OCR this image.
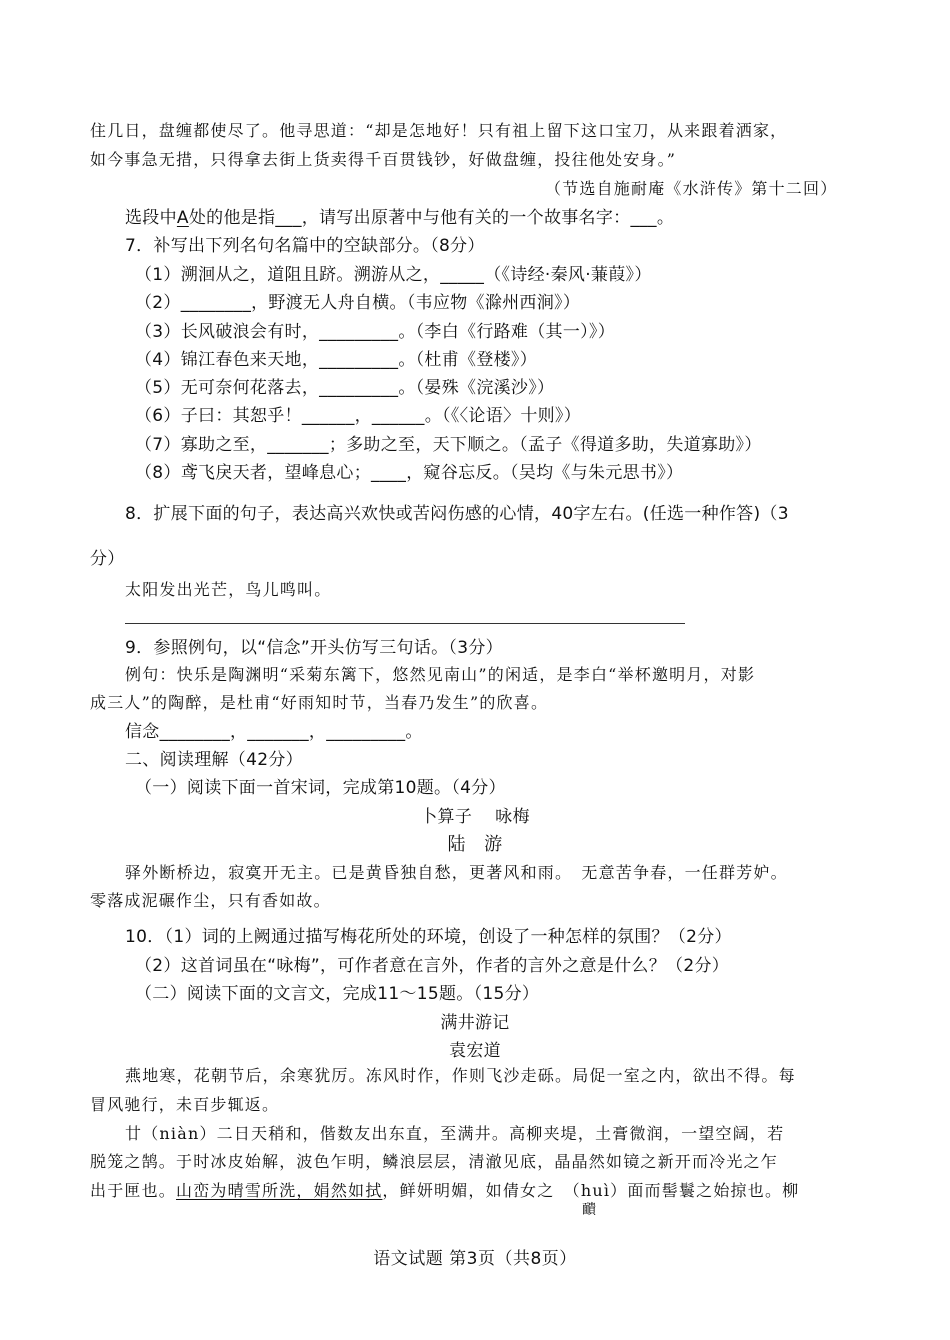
住几日，盘缠都使尽了。他寻思道：“却是怎地好！只有祖上留下这口宝刀，从来跟着洒家，
如今事急无措，只得拿去街上货卖得千百贯钱钞，好做盘缠，投往他处安身。”
（节选自施耐庵《水浒传》第十二回）
选段中A处的他是指___，请写出原著中与他有关的一个故事名字：___。
7．补写出下列名句名篇中的空缺部分。（8分）
（1）溯洄从之，道阻且跻。溯游从之，_____（《诗经·秦风·蒹葭》）
（2）________，野渡无人舟自横。（韦应物《滁州西涧》）
（3）长风破浪会有时，_________。（李白《行路难（其一）》）
（4）锦江春色来天地，_________。（杜甫《登楼》）
（5）无可奈何花落去，_________。（晏殊《浣溪沙》）
（6）子曰：其恕乎！______，______。（《〈论语〉十则》）
（7）寡助之至，_______；多助之至，天下顺之。（孟子《得道多助，失道寡助》）
（8）鸢飞戾天者，望峰息心；____，窥谷忘反。（吴均《与朱元思书》）
8．扩展下面的句子，表达高兴欢快或苦闷伤感的心情，40字左右。(任选一种作答)（3
分）
太阳发出光芒，鸟儿鸣叫。
9．参照例句，以“信念”开头仿写三句话。（3分）
例句：快乐是陶渊明“采菊东篱下，悠然见南山”的闲适，是李白“举杯邀明月，对影
成三人”的陶醉，是杜甫“好雨知时节，当春乃发生”的欣喜。
信念________，_______，_________。
二、阅读理解（42分）
（一）阅读下面一首宋词，完成第10题。（4分）
卜算子　 咏梅
陆　游
驿外断桥边，寂寞开无主。已是黄昏独自愁，更著风和雨。　无意苦争春，一任群芳妒。
零落成泥碾作尘，只有香如故。
10．（1）词的上阙通过描写梅花所处的环境，创设了一种怎样的氛围？（2分）
（2）这首词虽在“咏梅”，可作者意在言外，作者的言外之意是什么？（2分）
（二）阅读下面的文言文，完成11～15题。（15分）
满井游记
袁宏道
燕地寒，花朝节后，余寒犹厉。冻风时作，作则飞沙走砾。局促一室之内，欲出不得。每
冒风驰行，未百步辄返。
廿（niàn）二日天稍和，偕数友出东直，至满井。高柳夹堤，土膏微润，一望空阔，若
脱笼之鹄。于时冰皮始解，波色乍明，鳞浪层层，清澈见底，晶晶然如镜之新开而冷光之乍
出于匣也。山峦为晴雪所洗，娟然如拭，鲜妍明媚，如倩女之　（huì）面而髻鬟之始掠也。柳
靧
语文试题 第3页（共8页）
